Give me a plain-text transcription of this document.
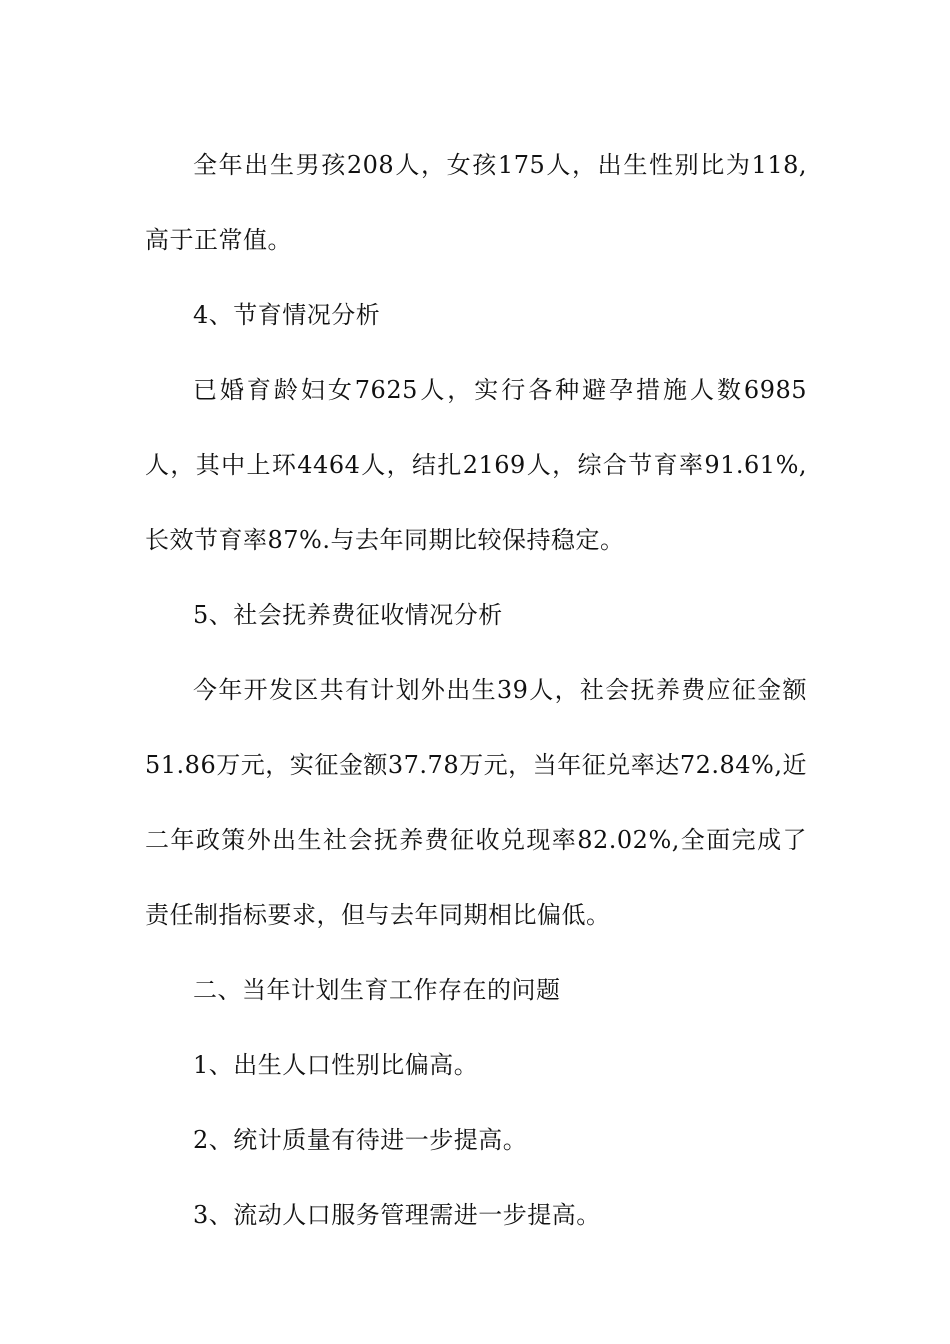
全年出生男孩208人，女孩175人，出生性别比为118,高于正常值。

4、节育情况分析

已婚育龄妇女7625人，实行各种避孕措施人数6985人，其中上环4464人，结扎2169人，综合节育率91.61%,长效节育率87%.与去年同期比较保持稳定。

5、社会抚养费征收情况分析

今年开发区共有计划外出生39人，社会抚养费应征金额51.86万元，实征金额37.78万元，当年征兑率达72.84%,近二年政策外出生社会抚养费征收兑现率82.02%,全面完成了责任制指标要求，但与去年同期相比偏低。

二、当年计划生育工作存在的问题

1、出生人口性别比偏高。

2、统计质量有待进一步提高。

3、流动人口服务管理需进一步提高。
